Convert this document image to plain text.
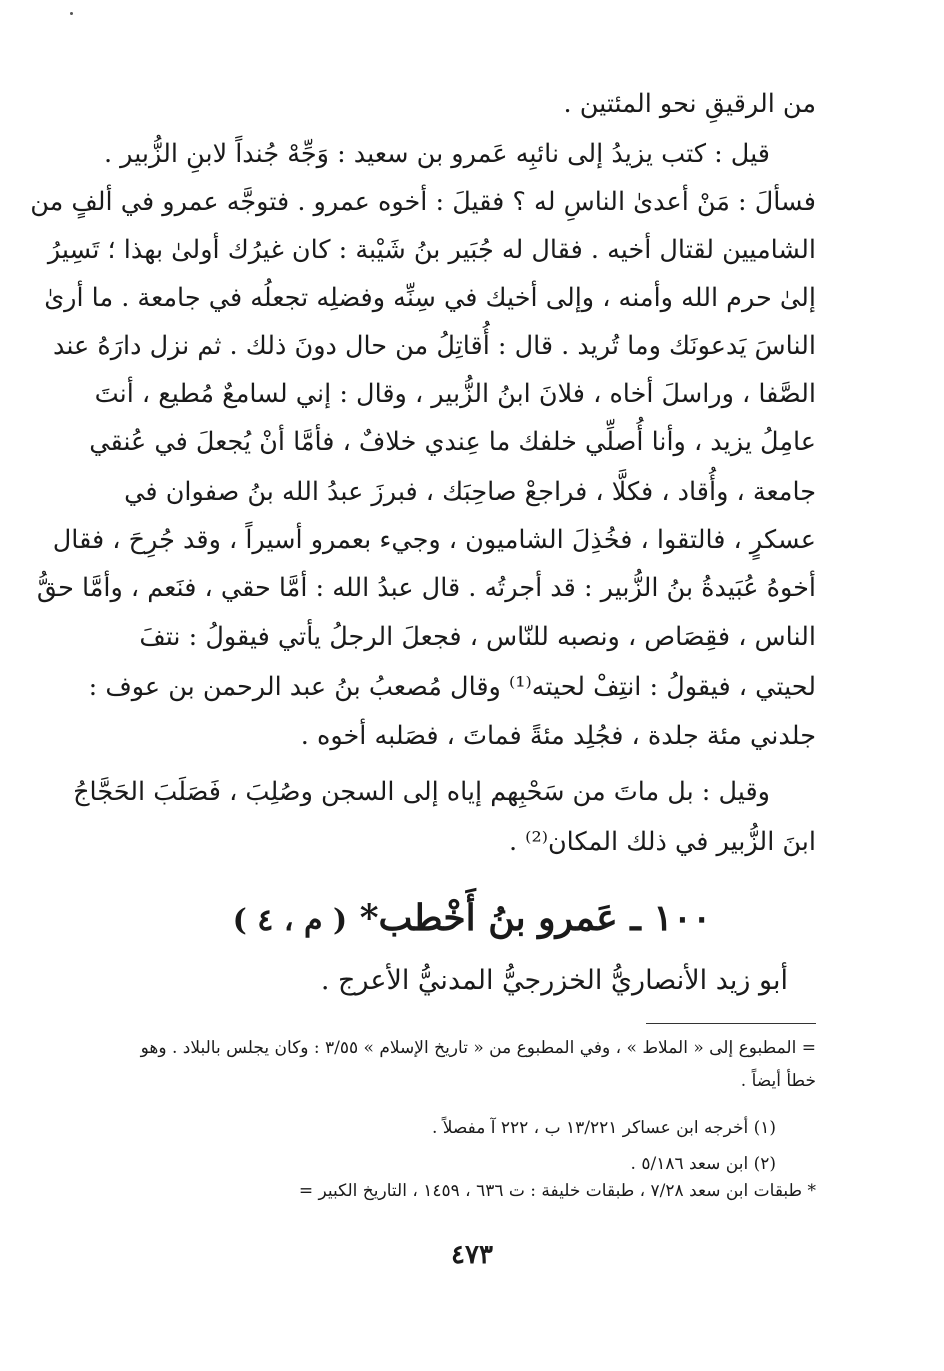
من الرقيقِ نحو المئتين .
قيل : كتب يزيدُ إلى نائبِه عَمرو بن سعيد : وَجِّهْ جُنداً لابنِ الزُّبير .
فسألَ : مَنْ أعدىٰ الناسِ له ؟ فقيلَ : أخوه عمرو . فتوجَّه عمرو في ألفٍ من
الشاميين لقتال أخيه . فقال له جُبَير بنُ شَيْبة : كان غيرُك أولىٰ بهذا ؛ تَسِيرُ
إلىٰ حرم الله وأمنه ، وإلى أخيك في سِنِّه وفضلِه تجعلُه في جامعة . ما أرىٰ
الناسَ يَدعونَك وما تُريد . قال : أُقاتِلُ من حال دونَ ذلك . ثم نزل دارَهُ عند
الصَّفا ، وراسلَ أخاه ، فلانَ ابنُ الزُّبير ، وقال : إني لسامعٌ مُطيع ، أنتَ
عامِلُ يزيد ، وأنا أُصلِّي خلفك ما عِندي خلافٌ ، فأمَّا أنْ يُجعلَ في عُنقي
جامعة ، وأُقاد ، فكلَّا ، فراجعْ صاحِبَك ، فبرزَ عبدُ الله بنُ صفوان في
عسكرٍ ، فالتقوا ، فخُذِلَ الشاميون ، وجيء بعمرو أسيراً ، وقد جُرِحَ ، فقال
أخوهُ عُبَيدةُ بنُ الزُّبير : قد أجرتُه . قال عبدُ الله : أمَّا حقي ، فنَعم ، وأمَّا حقُّ
الناس ، فقِصَاص ، ونصبه للنّاس ، فجعلَ الرجلُ يأتي فيقولُ : نتفَ
لحيتي ، فيقولُ : انتِفْ لحيته⁽¹⁾ وقال مُصعبُ بنُ عبد الرحمن بن عوف :
جلدني مئة جلدة ، فجُلِد مئةً فماتَ ، فصَلبه أخوه .
وقيل : بل ماتَ من سَحْبِهم إياه إلى السجن وصُلِبَ ، فَصَلَبَ الحَجَّاجُ
ابنَ الزُّبير في ذلك المكان⁽²⁾ .
١٠٠ ـ عَمرو بنُ أَخْطب* ( م ، ٤ )
أبو زيد الأنصاريُّ الخزرجيُّ المدنيُّ الأعرج .
= المطبوع إلى « الملاط » ، وفي المطبوع من « تاريخ الإسلام » ٣/٥٥ : وكان يجلس بالبلاد . وهو
خطأ أيضاً .
(١) أخرجه ابن عساكر ١٣/٢٢١ ب ، ٢٢٢ آ مفصلاً .
(٢) ابن سعد ٥/١٨٦ .
* طبقات ابن سعد ٧/٢٨ ، طبقات خليفة : ت ٦٣٦ ، ١٤٥٩ ، التاريخ الكبير =
٤٧٣
